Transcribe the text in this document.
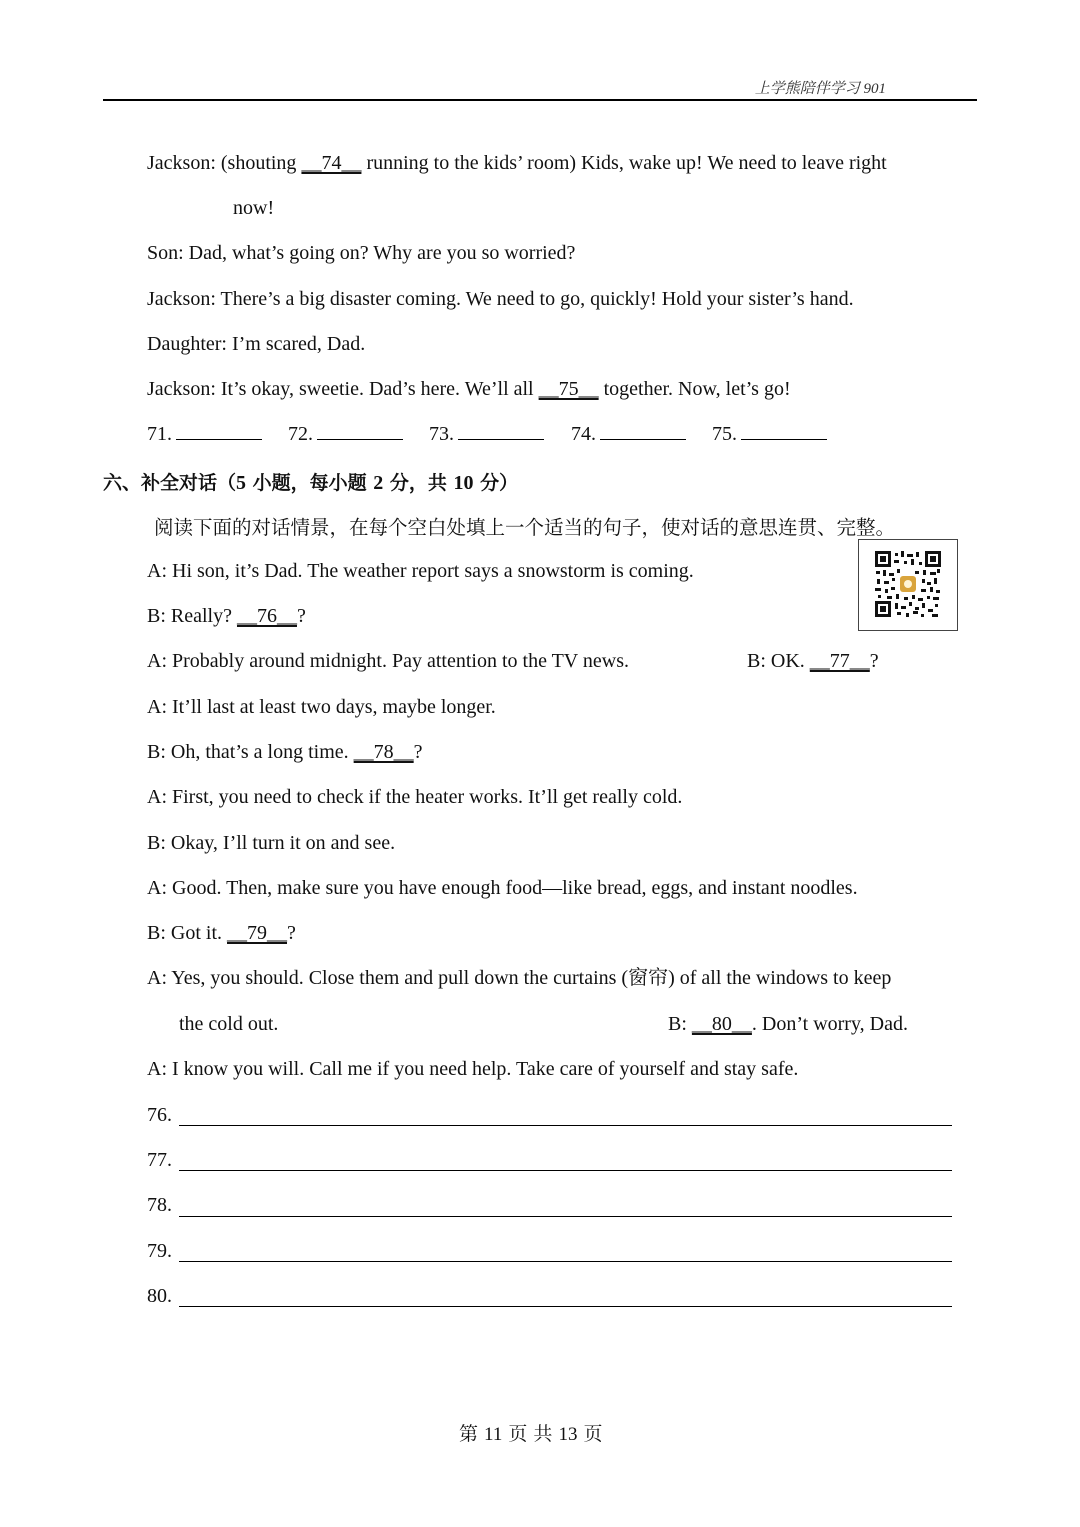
上学熊陪伴学习 901
Jackson: (shouting __74__ running to the kids’ room) Kids, wake up! We need to leave right
now!
Son: Dad, what’s going on? Why are you so worried?
Jackson: There’s a big disaster coming. We need to go, quickly! Hold your sister’s hand.
Daughter: I’m scared, Dad.
Jackson: It’s okay, sweetie. Dad’s here. We’ll all __75__ together. Now, let’s go!
71.	72.	73.	74.	75.
六、补全对话（5 小题，每小题 2 分，共 10 分）
阅读下面的对话情景，在每个空白处填上一个适当的句子，使对话的意思连贯、完整。
A: Hi son, it’s Dad. The weather report says a snowstorm is coming.
B: Really? __76__?
A: Probably around midnight. Pay attention to the TV news.	B: OK. __77__?
A: It’ll last at least two days, maybe longer.
B: Oh, that’s a long time. __78__?
A: First, you need to check if the heater works. It’ll get really cold.
B: Okay, I’ll turn it on and see.
A: Good. Then, make sure you have enough food—like bread, eggs, and instant noodles.
B: Got it. __79__?
A: Yes, you should. Close them and pull down the curtains (窗帘) of all the windows to keep
the cold out.	B: __80__. Don’t worry, Dad.
A: I know you will. Call me if you need help. Take care of yourself and stay safe.
76.
77.
78.
79.
80.
第 11 页 共 13 页
